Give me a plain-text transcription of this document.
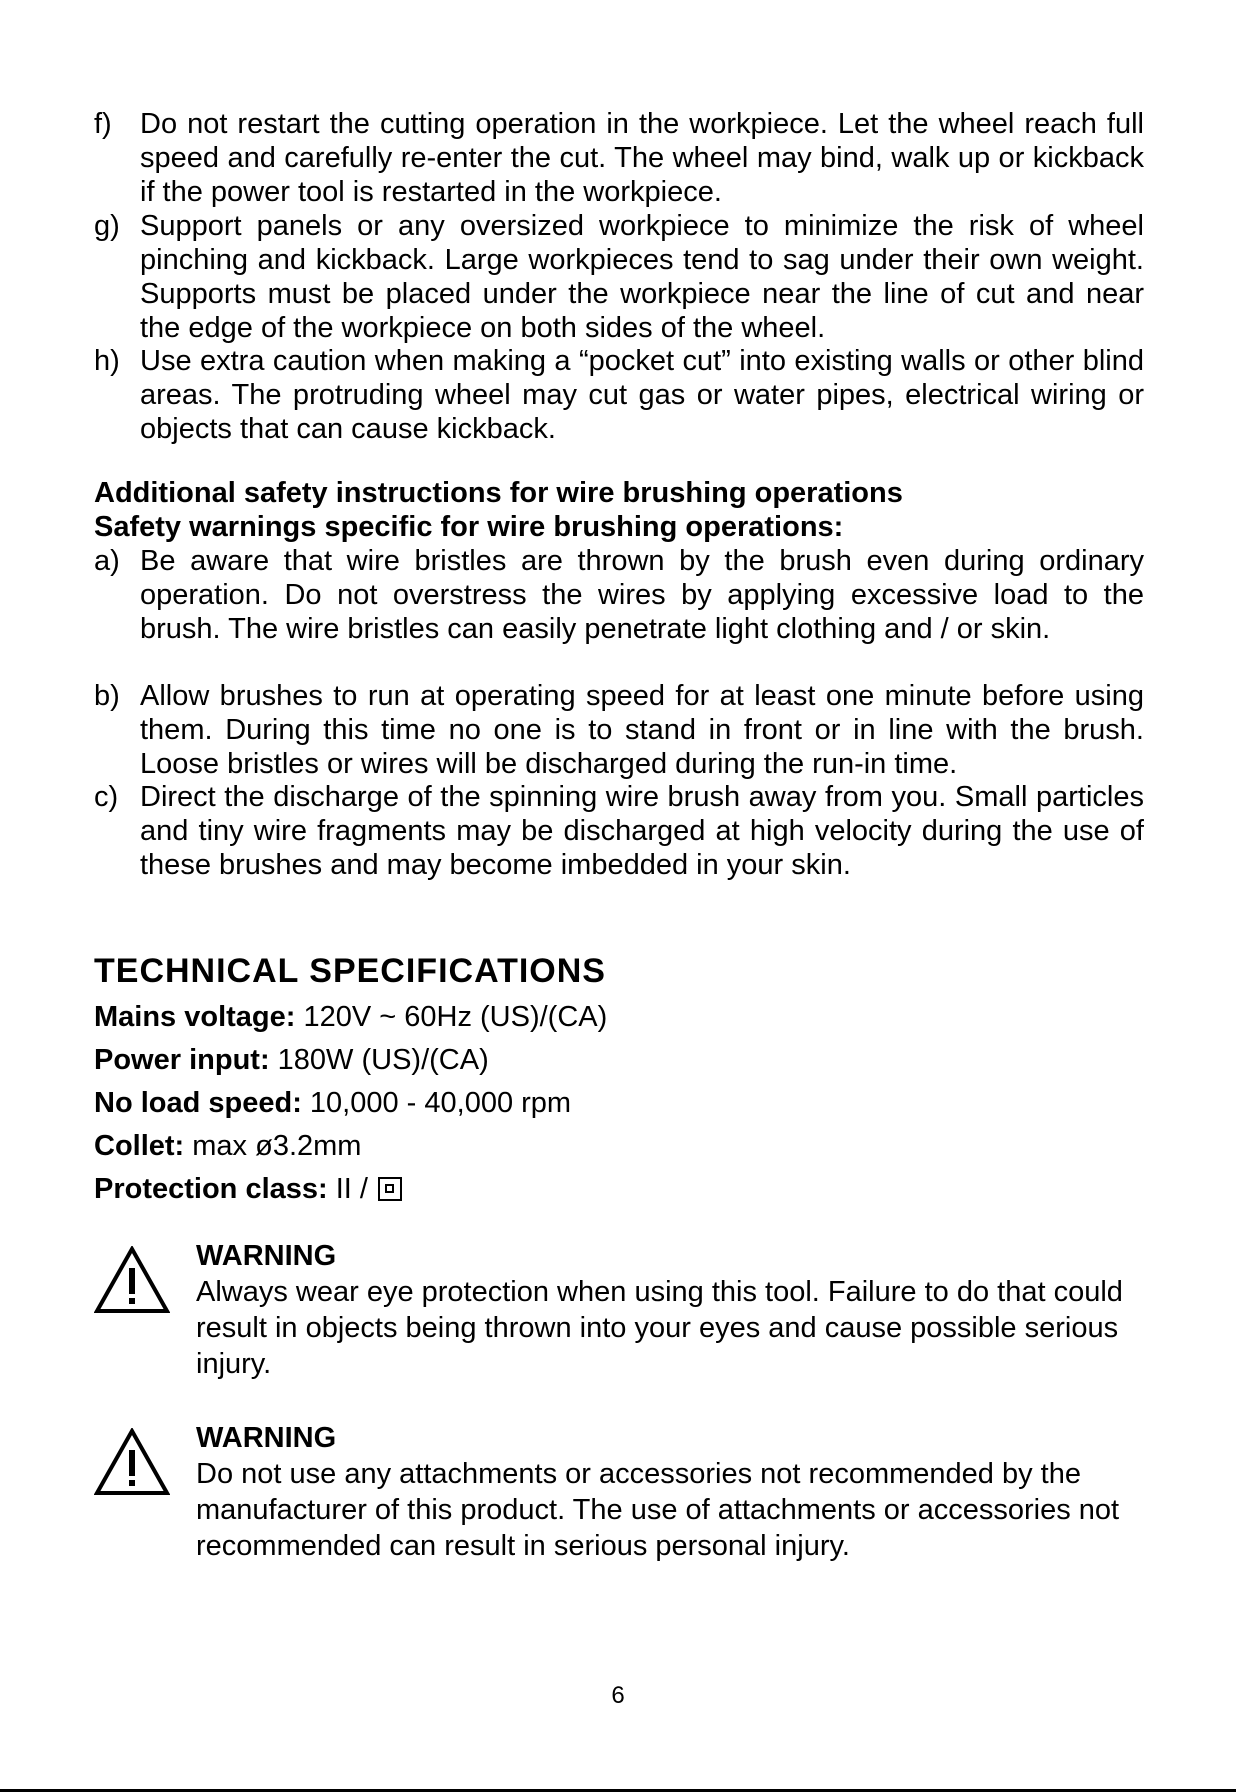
f) Do not restart the cutting operation in the workpiece. Let the wheel reach full speed and carefully re-enter the cut. The wheel may bind, walk up or kickback if the power tool is restarted in the workpiece.
g) Support panels or any oversized workpiece to minimize the risk of wheel pinching and kickback. Large workpieces tend to sag under their own weight. Supports must be placed under the workpiece near the line of cut and near the edge of the workpiece on both sides of the wheel.
h) Use extra caution when making a “pocket cut” into existing walls or other blind areas. The protruding wheel may cut gas or water pipes, electrical wiring or objects that can cause kickback.
Additional safety instructions for wire brushing operations
Safety warnings specific for wire brushing operations:
a) Be aware that wire bristles are thrown by the brush even during ordinary operation. Do not overstress the wires by applying excessive load to the brush. The wire bristles can easily penetrate light clothing and / or skin.
b) Allow brushes to run at operating speed for at least one minute before using them. During this time no one is to stand in front or in line with the brush. Loose bristles or wires will be discharged during the run-in time.
c) Direct the discharge of the spinning wire brush away from you. Small particles and tiny wire fragments may be discharged at high velocity during the use of these brushes and may become imbedded in your skin.
TECHNICAL SPECIFICATIONS
Mains voltage: 120V ~ 60Hz (US)/(CA)
Power input: 180W (US)/(CA)
No load speed: 10,000 - 40,000 rpm
Collet: max ø3.2mm
Protection class: II /
WARNING
Always wear eye protection when using this tool. Failure to do that could result in objects being thrown into your eyes and cause possible serious injury.
WARNING
Do not use any attachments or accessories not recommended by the manufacturer of this product. The use of attachments or accessories not recommended can result in serious personal injury.
6
